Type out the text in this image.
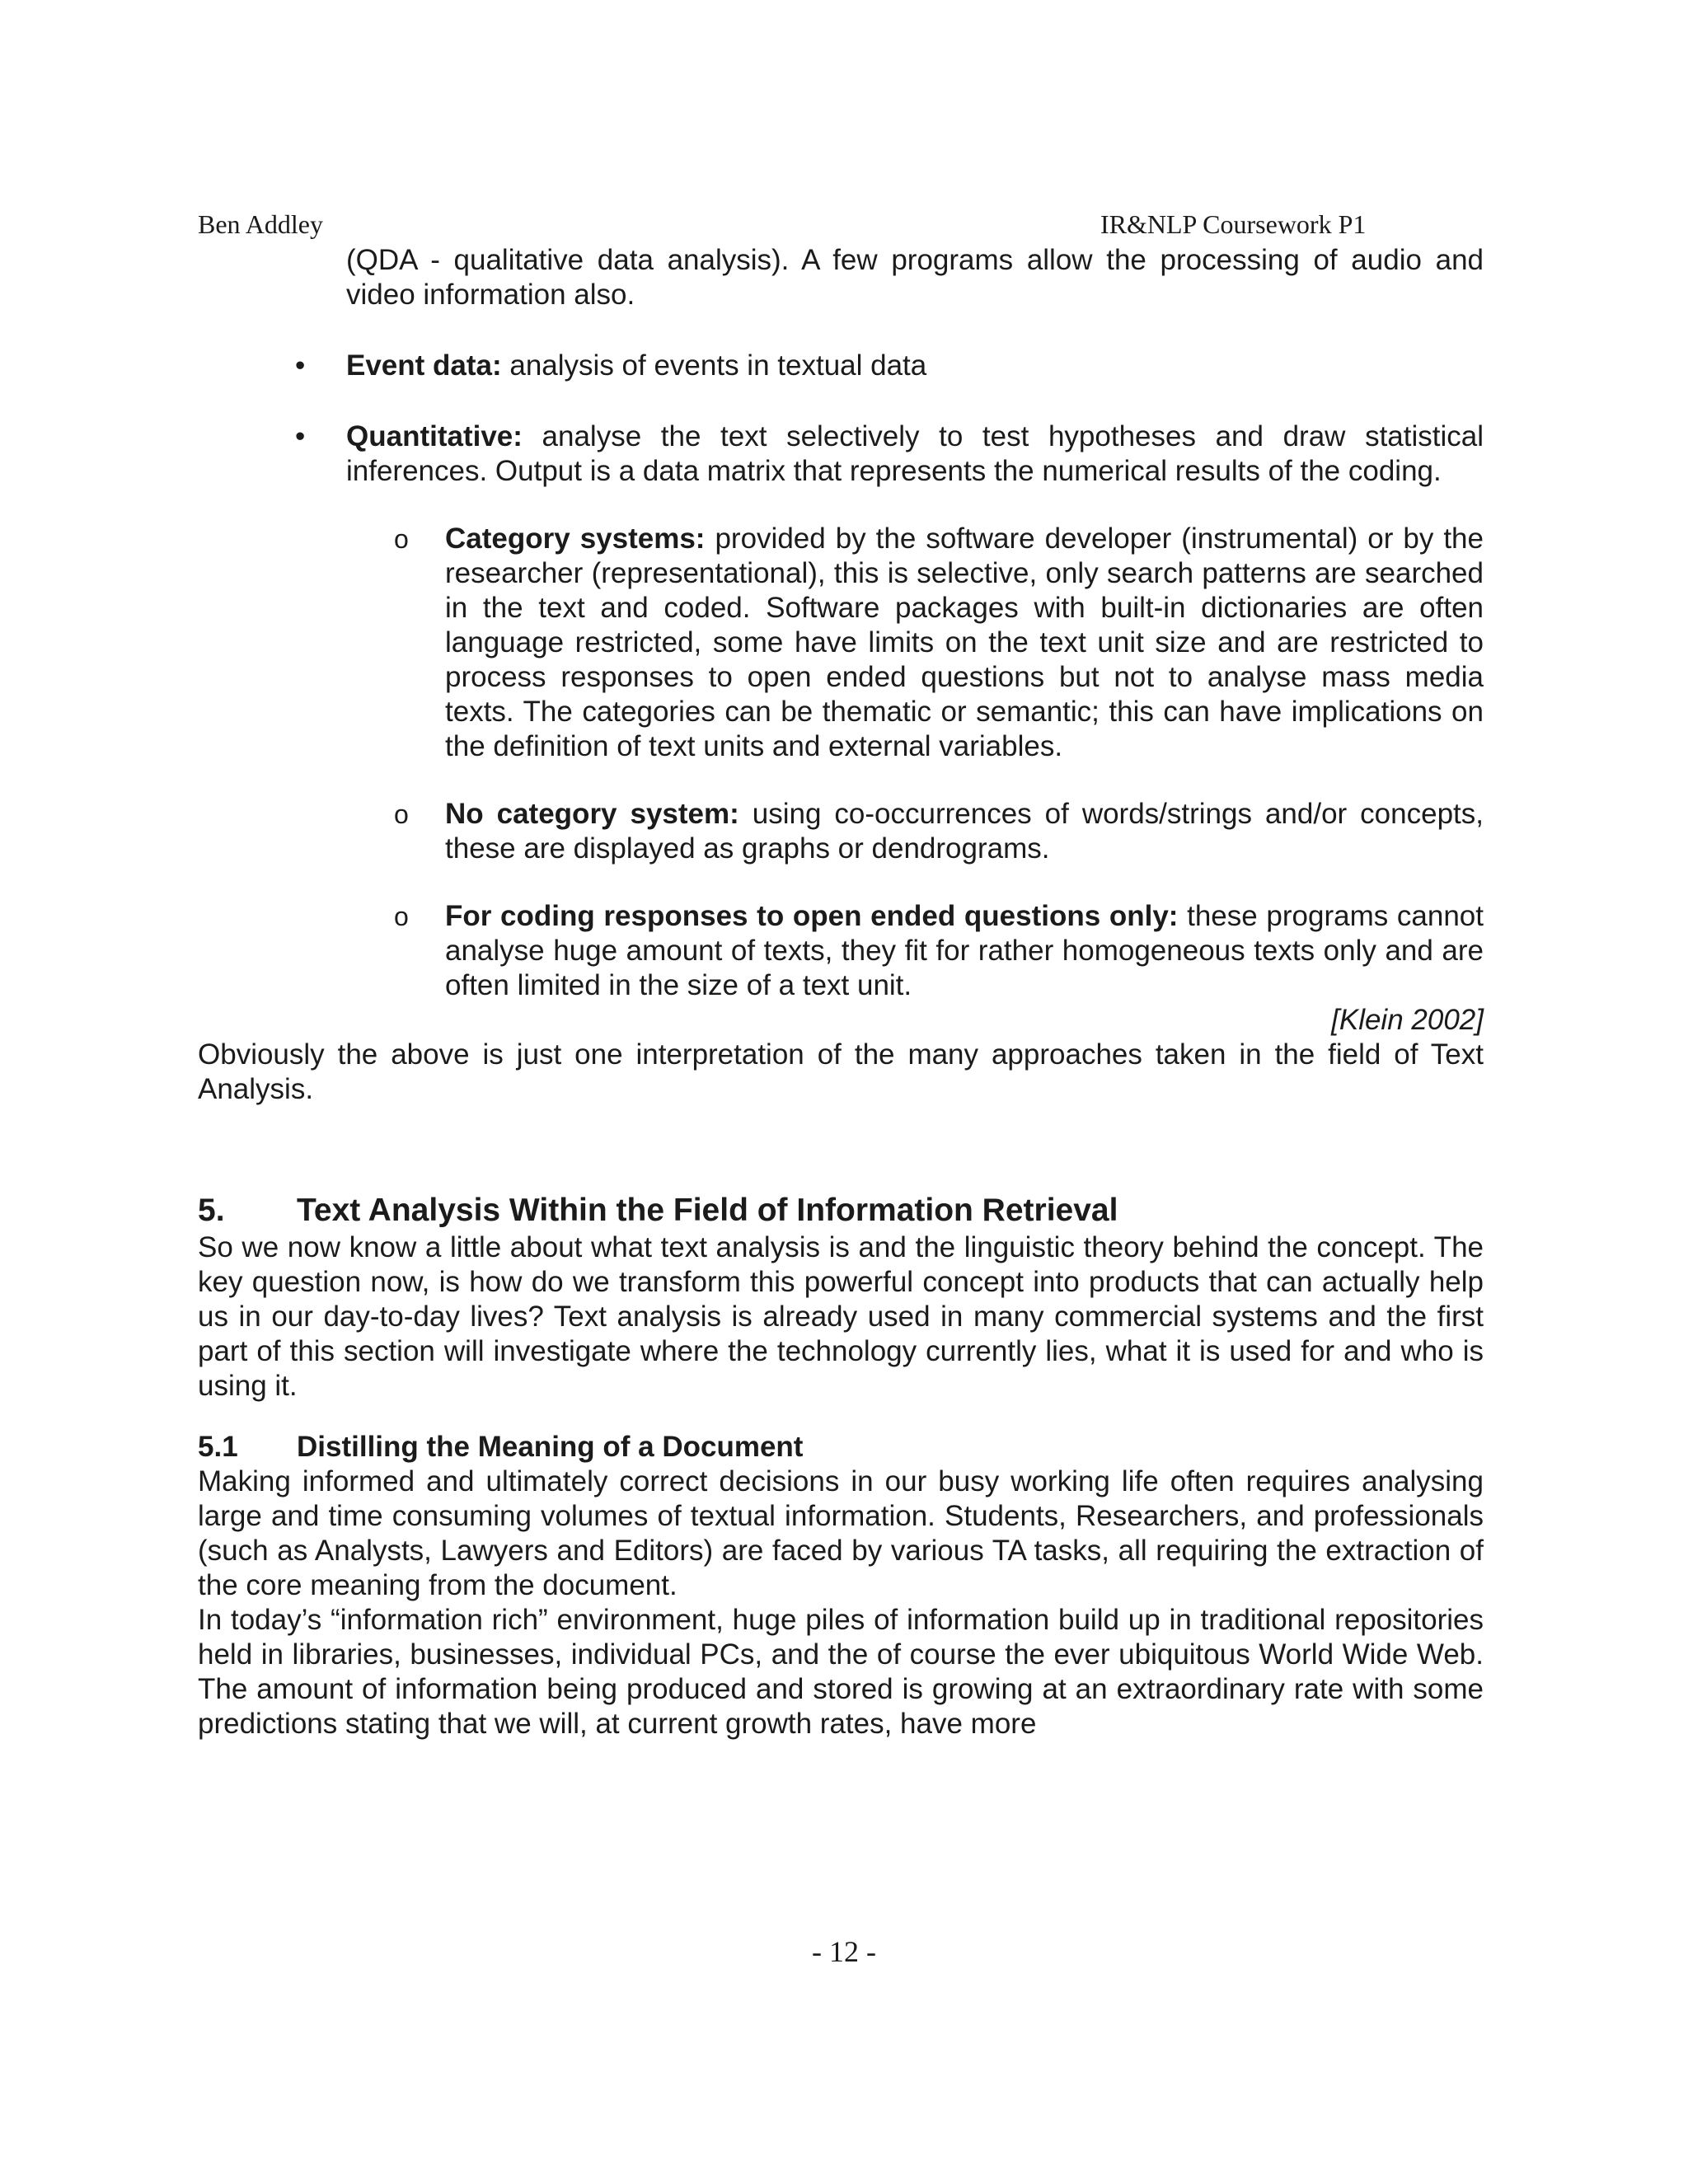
Ben Addley	IR&NLP Coursework P1

(QDA - qualitative data analysis). A few programs allow the processing of audio and video information also.

• Event data: analysis of events in textual data

• Quantitative: analyse the text selectively to test hypotheses and draw statistical inferences. Output is a data matrix that represents the numerical results of the coding.

o Category systems: provided by the software developer (instrumental) or by the researcher (representational), this is selective, only search patterns are searched in the text and coded. Software packages with built-in dictionaries are often language restricted, some have limits on the text unit size and are restricted to process responses to open ended questions but not to analyse mass media texts. The categories can be thematic or semantic; this can have implications on the definition of text units and external variables.

o No category system: using co-occurrences of words/strings and/or concepts, these are displayed as graphs or dendrograms.

o For coding responses to open ended questions only: these programs cannot analyse huge amount of texts, they fit for rather homogeneous texts only and are often limited in the size of a text unit.

[Klein 2002]

Obviously the above is just one interpretation of the many approaches taken in the field of Text Analysis.

5.	Text Analysis Within the Field of Information Retrieval

So we now know a little about what text analysis is and the linguistic theory behind the concept. The key question now, is how do we transform this powerful concept into products that can actually help us in our day-to-day lives? Text analysis is already used in many commercial systems and the first part of this section will investigate where the technology currently lies, what it is used for and who is using it.

5.1	Distilling the Meaning of a Document

Making informed and ultimately correct decisions in our busy working life often requires analysing large and time consuming volumes of textual information. Students, Researchers, and professionals (such as Analysts, Lawyers and Editors) are faced by various TA tasks, all requiring the extraction of the core meaning from the document.

In today’s “information rich” environment, huge piles of information build up in traditional repositories held in libraries, businesses, individual PCs, and the of course the ever ubiquitous World Wide Web. The amount of information being produced and stored is growing at an extraordinary rate with some predictions stating that we will, at current growth rates, have more

- 12 -
